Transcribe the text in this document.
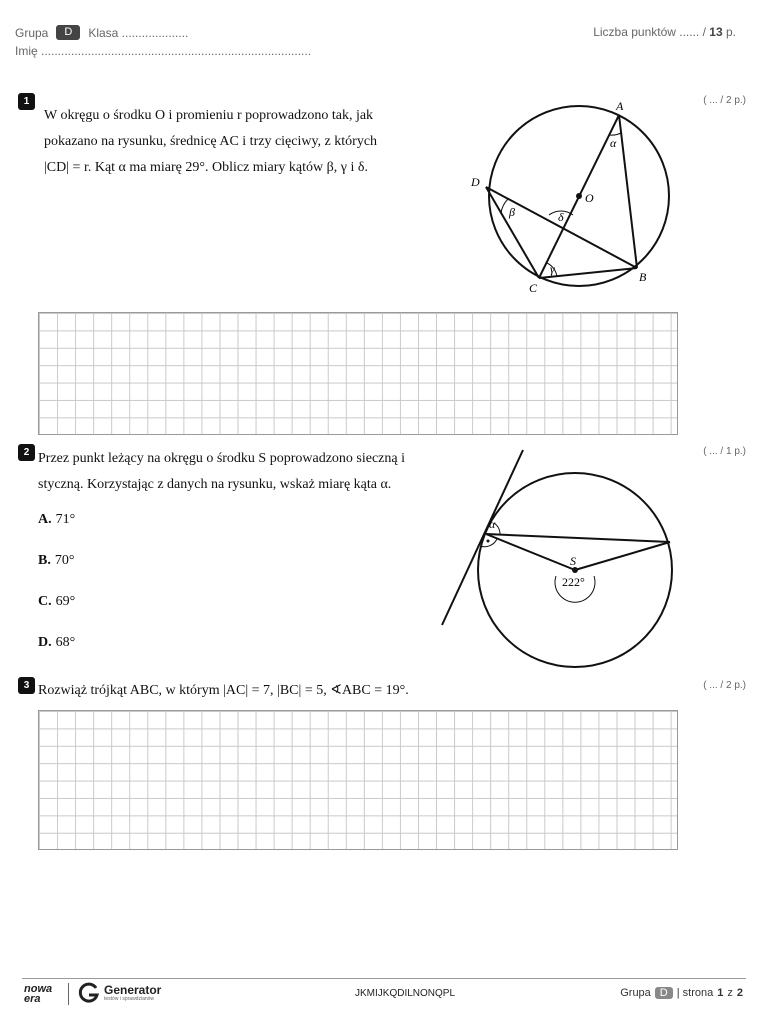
Grupa	D	Klasa ....................
Imię .................................................................................
Liczba punktów ...... / 13 p.
1	( ... / 2 p.)
W okręgu o środku O i promieniu r poprowadzono tak, jak
pokazano na rysunku, średnicę AC i trzy cięciwy, z których
|CD| = r. Kąt α ma miarę 29°. Oblicz miary kątów β, γ i δ.
A
B
C
D
O
α
β
γ
δ
2	( ... / 1 p.)
Przez punkt leżący na okręgu o środku S poprowadzono sieczną i
styczną. Korzystając z danych na rysunku, wskaż miarę kąta α.
A. 71°
B. 70°
C. 69°
D. 68°
α
S
222°
3	( ... / 2 p.)
Rozwiąż trójkąt ABC, w którym |AC| = 7, |BC| = 5, ∢ABC = 19°.
nowa
era
Generator
testów i sprawdzianów	JKMIJKQDILNONQPL	Grupa D | strona 1 z 2
